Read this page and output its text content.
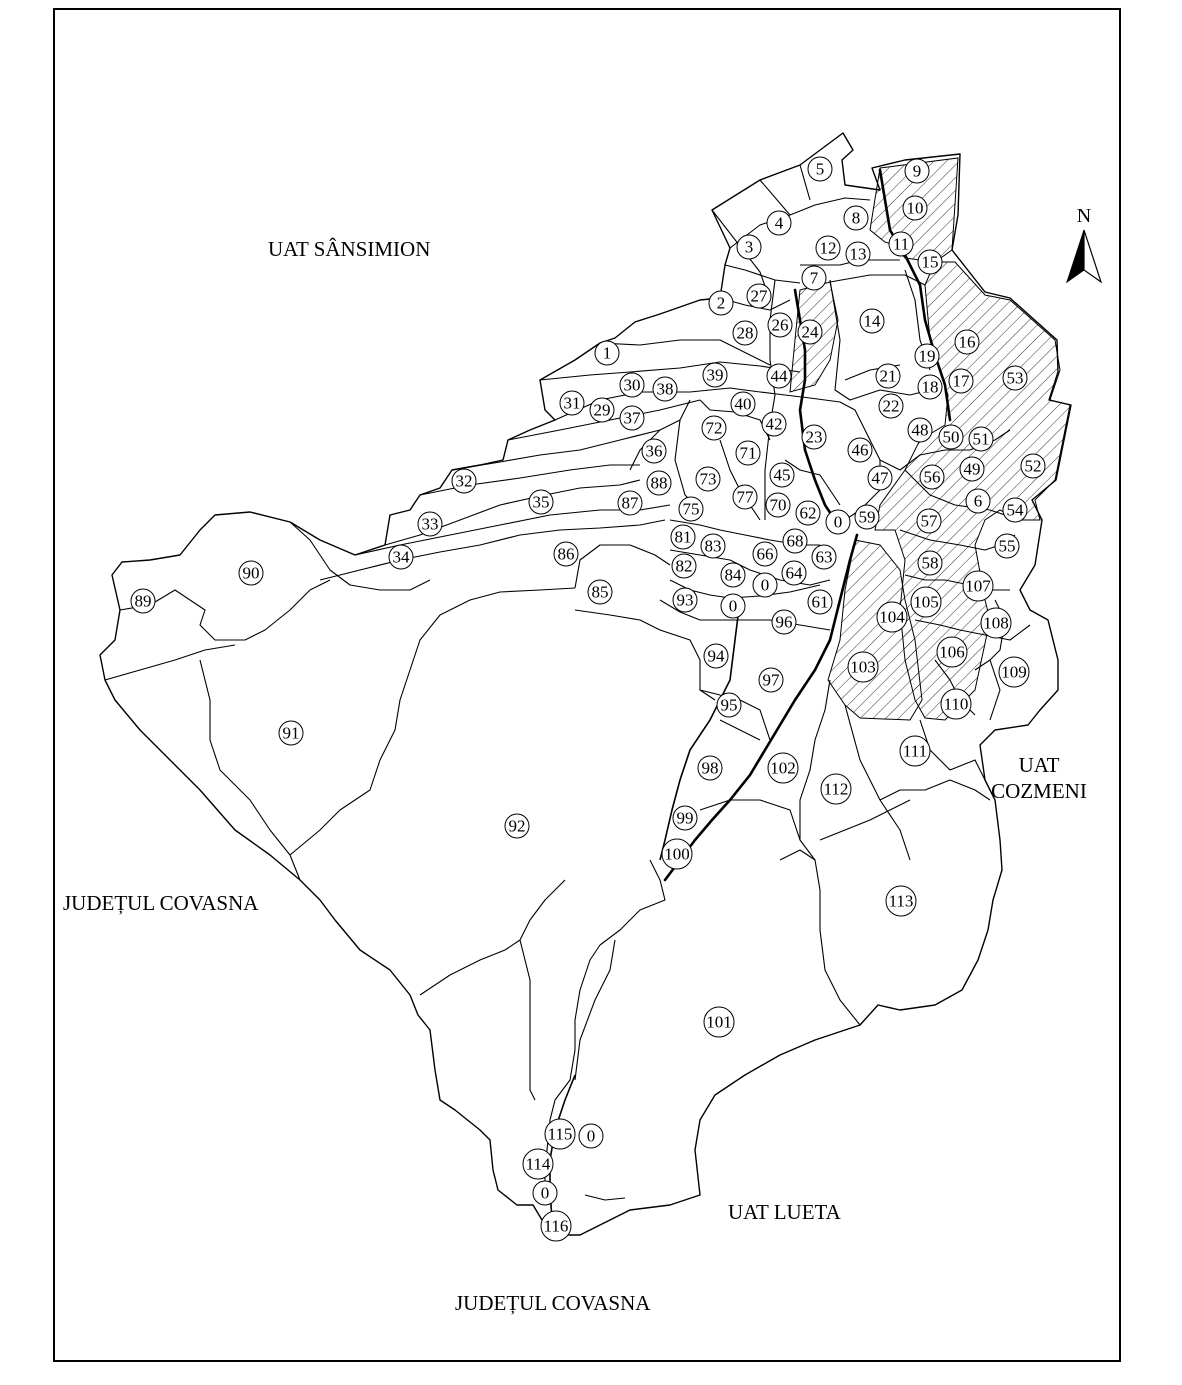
1
2
3
4
5
7
8
9
10
11
12 13
14
15
16
17
18
19
21
22
23
24
26
27
28
29
30
31
32
33
34
35
36
37
38
39
40
42
44
45
46
47
48
49
50 51
52
53
54
55
56
57
58
59
6
61
62
63
64
66
68
70
71
72
73
75
77
81
82
83
84
85
86
87
88
89
90
91
92
93
94
95
96
97
98
99
100
101
102
103
104
105
106
107
108
109
110
111
112
113
114
115
116
0
0
0
0
0
UAT SÂNSIMION
JUDEȚUL COVASNA
JUDEȚUL COVASNA
UAT LUETA
UAT
COZMENI
N
